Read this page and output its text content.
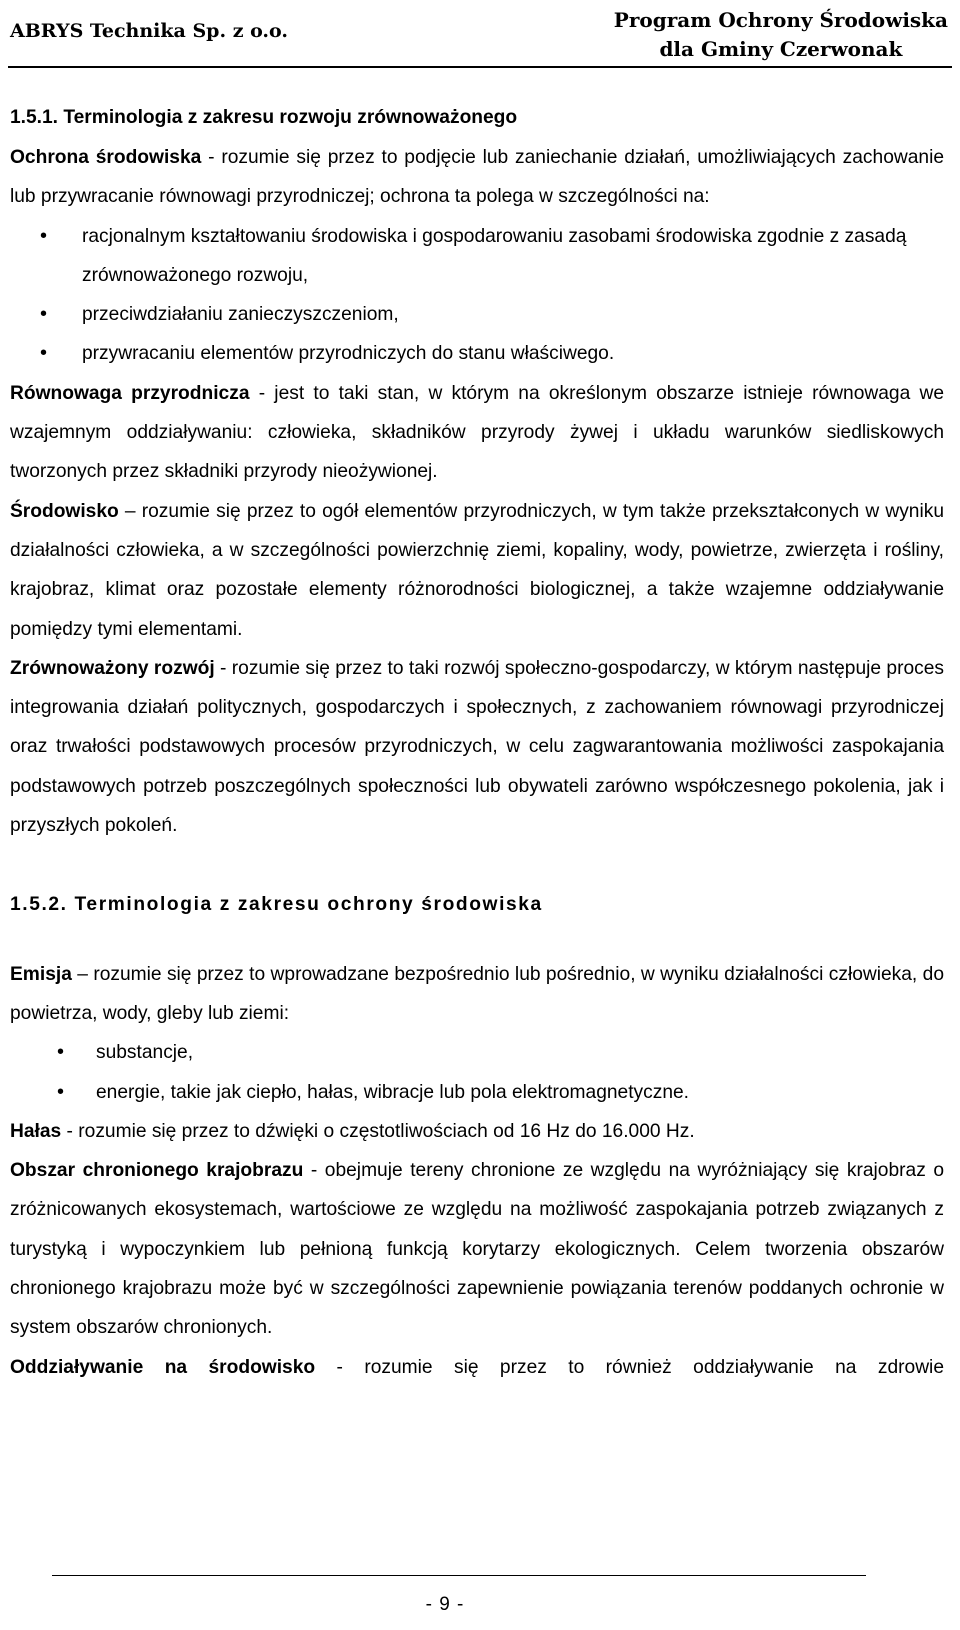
ABRYS Technika Sp. z o.o.	Program Ochrony Środowiska
dla Gminy Czerwonak

1.5.1. Terminologia z zakresu rozwoju zrównoważonego

Ochrona środowiska - rozumie się przez to podjęcie lub zaniechanie działań, umożliwiających zachowanie lub przywracanie równowagi przyrodniczej; ochrona ta polega w szczególności na:

• racjonalnym kształtowaniu środowiska i gospodarowaniu zasobami środowiska zgodnie z zasadą zrównoważonego rozwoju,
• przeciwdziałaniu zanieczyszczeniom,
• przywracaniu elementów przyrodniczych do stanu właściwego.

Równowaga przyrodnicza - jest to taki stan, w którym na określonym obszarze istnieje równowaga we wzajemnym oddziaływaniu: człowieka, składników przyrody żywej i układu warunków siedliskowych tworzonych przez składniki przyrody nieożywionej.

Środowisko – rozumie się przez to ogół elementów przyrodniczych, w tym także przekształconych w wyniku działalności człowieka, a w szczególności powierzchnię ziemi, kopaliny, wody, powietrze, zwierzęta i rośliny, krajobraz, klimat oraz pozostałe elementy różnorodności biologicznej, a także wzajemne oddziaływanie pomiędzy tymi elementami.

Zrównoważony rozwój - rozumie się przez to taki rozwój społeczno-gospodarczy, w którym następuje proces integrowania działań politycznych, gospodarczych i społecznych, z zachowaniem równowagi przyrodniczej oraz trwałości podstawowych procesów przyrodniczych, w celu zagwarantowania możliwości zaspokajania podstawowych potrzeb poszczególnych społeczności lub obywateli zarówno współczesnego pokolenia, jak i przyszłych pokoleń.

1.5.2. Terminologia z zakresu ochrony środowiska

Emisja – rozumie się przez to wprowadzane bezpośrednio lub pośrednio, w wyniku działalności człowieka, do powietrza, wody, gleby lub ziemi:

• substancje,
• energie, takie jak ciepło, hałas, wibracje lub pola elektromagnetyczne.

Hałas - rozumie się przez to dźwięki o częstotliwościach od 16 Hz do 16.000 Hz.

Obszar chronionego krajobrazu - obejmuje tereny chronione ze względu na wyróżniający się krajobraz o zróżnicowanych ekosystemach, wartościowe ze względu na możliwość zaspokajania potrzeb związanych z turystyką i wypoczynkiem lub pełnioną funkcją korytarzy ekologicznych. Celem tworzenia obszarów chronionego krajobrazu może być w szczególności zapewnienie powiązania terenów poddanych ochronie w system obszarów chronionych.

Oddziaływanie na środowisko - rozumie się przez to również oddziaływanie na zdrowie

- 9 -
